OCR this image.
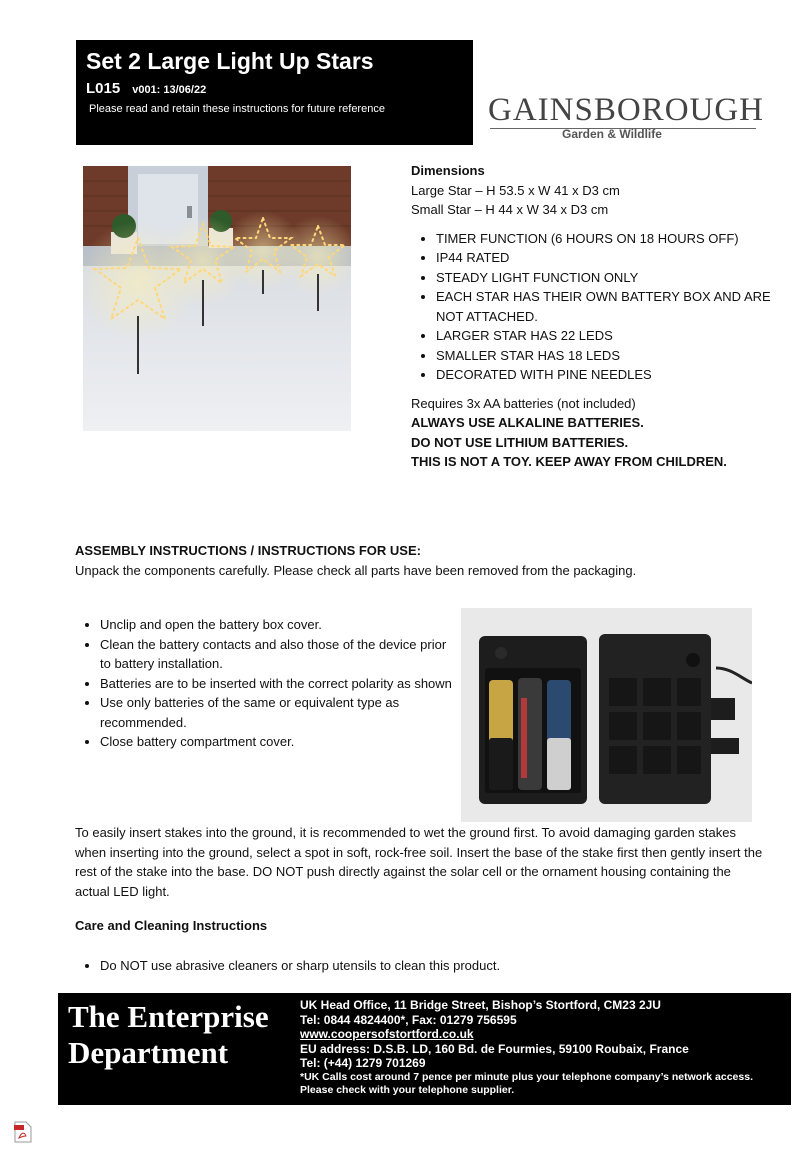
Set 2 Large Light Up Stars
L015 v001: 13/06/22
Please read and retain these instructions for future reference	GAINSBOROUGH
Garden & Wildlife
Dimensions
Large Star – H 53.5 x W 41 x D3 cm
Small Star – H 44 x W 34 x D3 cm
• TIMER FUNCTION (6 HOURS ON 18 HOURS OFF)
• IP44 RATED
• STEADY LIGHT FUNCTION ONLY
• EACH STAR HAS THEIR OWN BATTERY BOX AND ARE NOT ATTACHED.
• LARGER STAR HAS 22 LEDS
• SMALLER STAR HAS 18 LEDS
• DECORATED WITH PINE NEEDLES
Requires 3x AA batteries (not included)
ALWAYS USE ALKALINE BATTERIES.
DO NOT USE LITHIUM BATTERIES.
THIS IS NOT A TOY. KEEP AWAY FROM CHILDREN.
ASSEMBLY INSTRUCTIONS / INSTRUCTIONS FOR USE:
Unpack the components carefully. Please check all parts have been removed from the packaging.
• Unclip and open the battery box cover.
• Clean the battery contacts and also those of the device prior to battery installation.
• Batteries are to be inserted with the correct polarity as shown
• Use only batteries of the same or equivalent type as recommended.
• Close battery compartment cover.
To easily insert stakes into the ground, it is recommended to wet the ground first. To avoid damaging garden stakes when inserting into the ground, select a spot in soft, rock-free soil. Insert the base of the stake first then gently insert the rest of the stake into the base. DO NOT push directly against the solar cell or the ornament housing containing the actual LED light.
Care and Cleaning Instructions
• Do NOT use abrasive cleaners or sharp utensils to clean this product.
The Enterprise
Department
UK Head Office, 11 Bridge Street, Bishop’s Stortford, CM23 2JU
Tel: 0844 4824400*, Fax: 01279 756595
www.coopersofstortford.co.uk
EU address: D.S.B. LD, 160 Bd. de Fourmies, 59100 Roubaix, France
Tel: (+44) 1279 701269
*UK Calls cost around 7 pence per minute plus your telephone company’s network access.
Please check with your telephone supplier.
